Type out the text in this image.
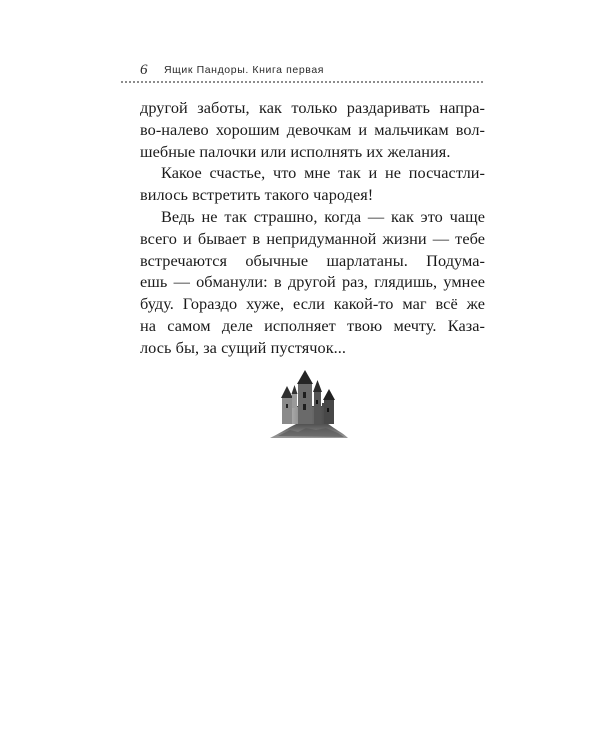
6 Ящик Пандоры. Книга первая
другой заботы, как только раздаривать напра-
во-налево хорошим девочкам и мальчикам вол-
шебные палочки или исполнять их желания.
Какое счастье, что мне так и не посчастли-
вилось встретить такого чародея!
Ведь не так страшно, когда — как это чаще
всего и бывает в непридуманной жизни — тебе
встречаются обычные шарлатаны. Подума-
ешь — обманули: в другой раз, глядишь, умнее
буду. Гораздо хуже, если какой-то маг всё же
на самом деле исполняет твою мечту. Каза-
лось бы, за сущий пустячок...
